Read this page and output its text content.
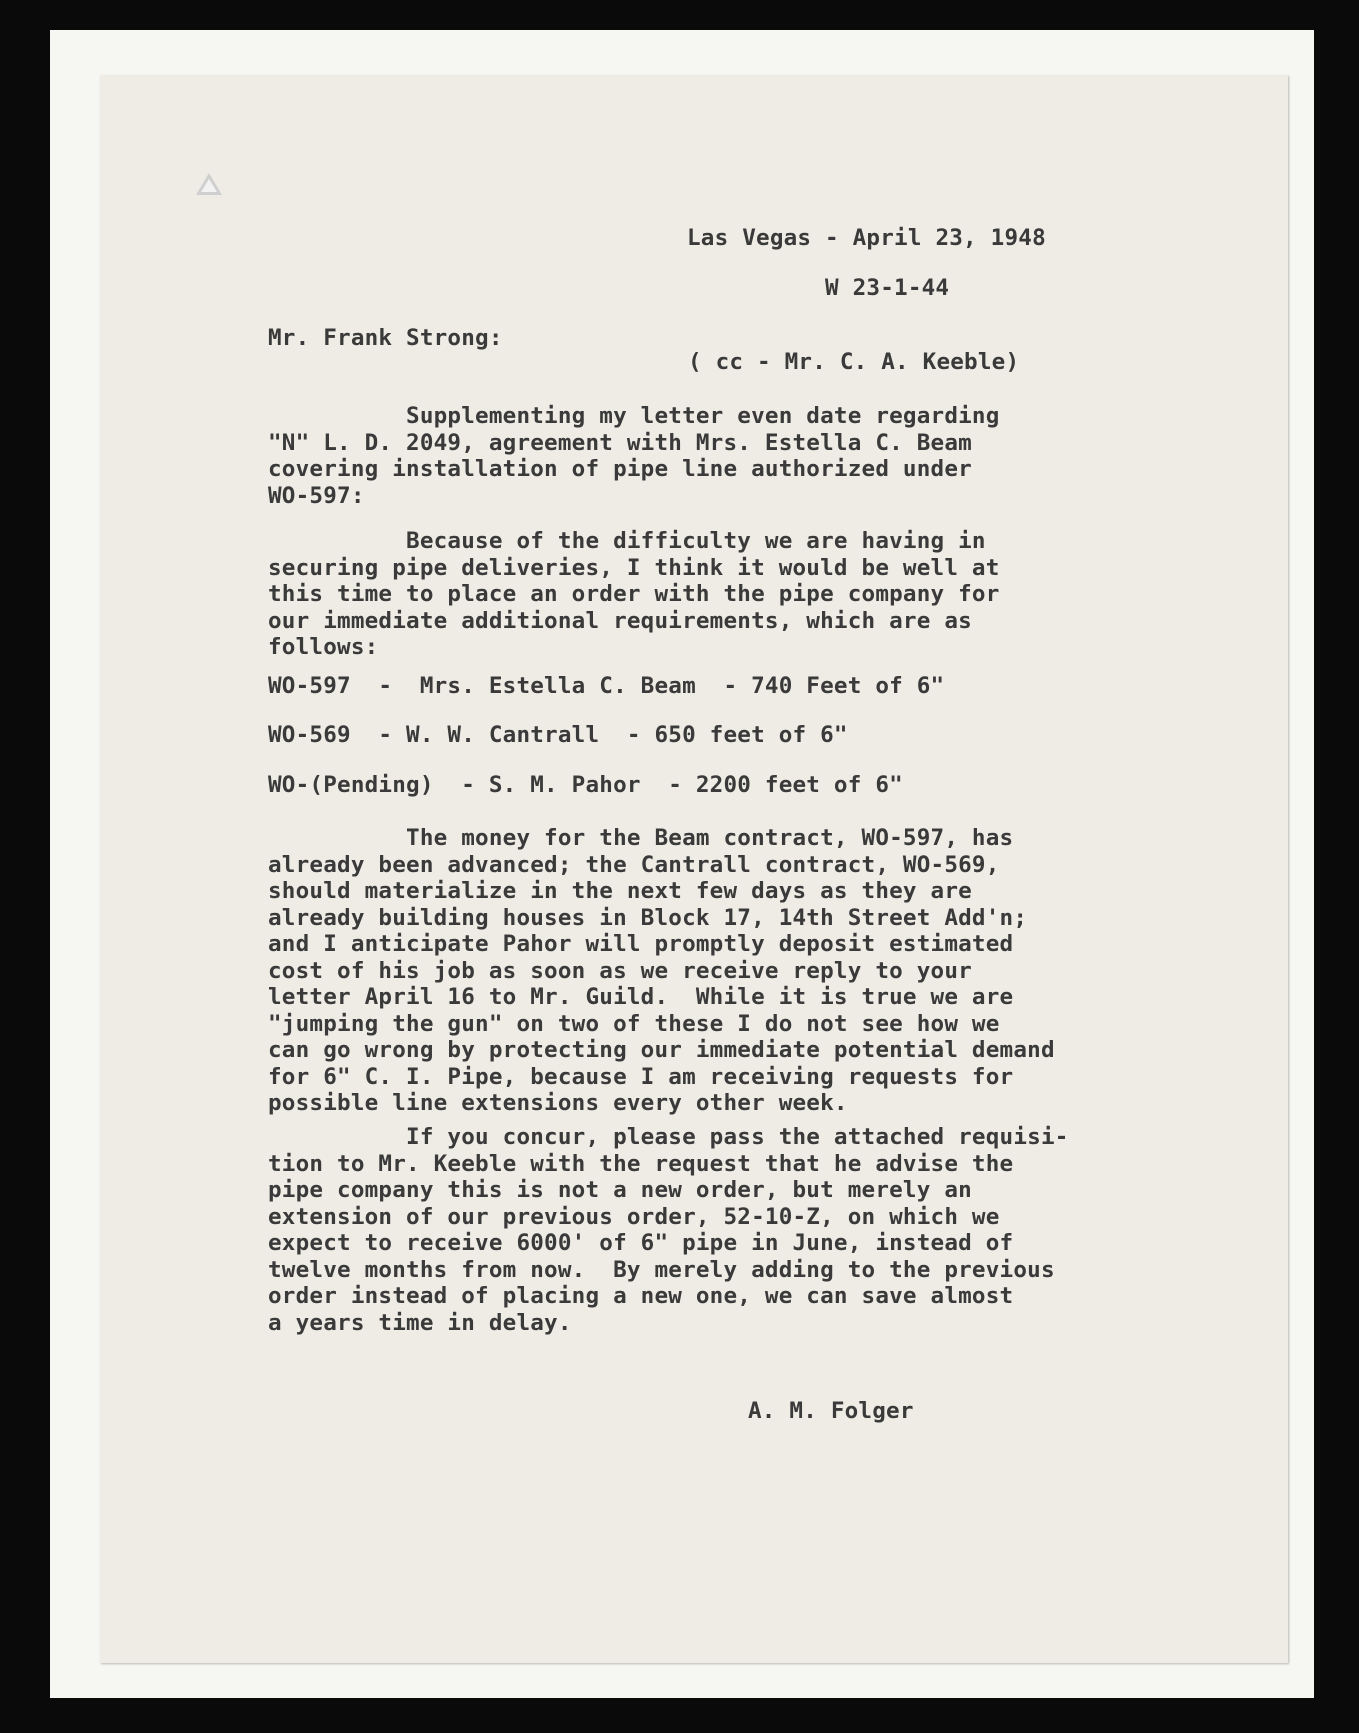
Las Vegas - April 23, 1948

W 23-1-44

Mr. Frank Strong:

( cc - Mr. C. A. Keeble)

Supplementing my letter even date regarding
"N" L. D. 2049, agreement with Mrs. Estella C. Beam
covering installation of pipe line authorized under
WO-597:
Because of the difficulty we are having in
securing pipe deliveries, I think it would be well at
this time to place an order with the pipe company for
our immediate additional requirements, which are as
follows:

WO-597  -  Mrs. Estella C. Beam  - 740 Feet of 6"

WO-569  - W. W. Cantrall  - 650 feet of 6"

WO-(Pending)  - S. M. Pahor  - 2200 feet of 6"

The money for the Beam contract, WO-597, has
already been advanced; the Cantrall contract, WO-569,
should materialize in the next few days as they are
already building houses in Block 17, 14th Street Add'n;
and I anticipate Pahor will promptly deposit estimated
cost of his job as soon as we receive reply to your
letter April 16 to Mr. Guild.  While it is true we are
"jumping the gun" on two of these I do not see how we
can go wrong by protecting our immediate potential demand
for 6" C. I. Pipe, because I am receiving requests for
possible line extensions every other week.
If you concur, please pass the attached requisi-
tion to Mr. Keeble with the request that he advise the
pipe company this is not a new order, but merely an
extension of our previous order, 52-10-Z, on which we
expect to receive 6000' of 6" pipe in June, instead of
twelve months from now.  By merely adding to the previous
order instead of placing a new one, we can save almost
a years time in delay.

A. M. Folger
